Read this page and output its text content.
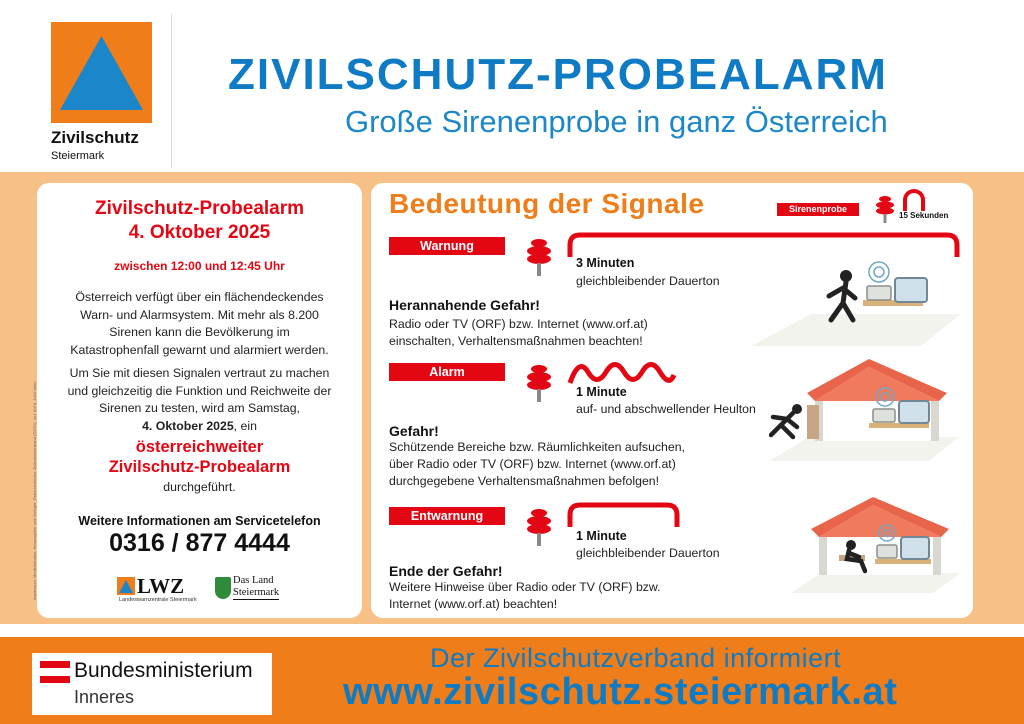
Zivilschutz
Steiermark
ZIVILSCHUTZ-PROBEALARM
Große Sirenenprobe in ganz Österreich
Zivilschutz-Probealarm
4. Oktober 2025
zwischen 12:00 und 12:45 Uhr
Österreich verfügt über ein flächendeckendes
Warn- und Alarmsystem. Mit mehr als 8.200
Sirenen kann die Bevölkerung im
Katastrophenfall gewarnt und alarmiert werden.
Um Sie mit diesen Signalen vertraut zu machen
und gleichzeitig die Funktion und Reichweite der
Sirenen zu testen, wird am Samstag,
4. Oktober 2025, ein
österreichweiter
Zivilschutz-Probealarm
durchgeführt.
Weitere Informationen am Servicetelefon
0316 / 877 4444
LWZ
Landeswarnzentrale Steiermark
Das Land
Steiermark
Impressum: Medieninhaber, Herausgeber und Verleger: Österreichischer Zivilschutzverband (ÖZSV), 4o1 Hof 8, 1010 Wien
Bedeutung der Signale	Sirenenprobe
15 Sekunden
Warnung
3 Minuten
gleichbleibender Dauerton
Herannahende Gefahr!
Radio oder TV (ORF) bzw. Internet (www.orf.at)
einschalten, Verhaltensmaßnahmen beachten!
Alarm
1 Minute
auf- und abschwellender Heulton
Gefahr!
Schützende Bereiche bzw. Räumlichkeiten aufsuchen,
über Radio oder TV (ORF) bzw. Internet (www.orf.at)
durchgegebene Verhaltensmaßnahmen befolgen!
Entwarnung
1 Minute
gleichbleibender Dauerton
Ende der Gefahr!
Weitere Hinweise über Radio oder TV (ORF) bzw.
Internet (www.orf.at) beachten!
Bundesministerium
Inneres
Der Zivilschutzverband informiert
www.zivilschutz.steiermark.at
